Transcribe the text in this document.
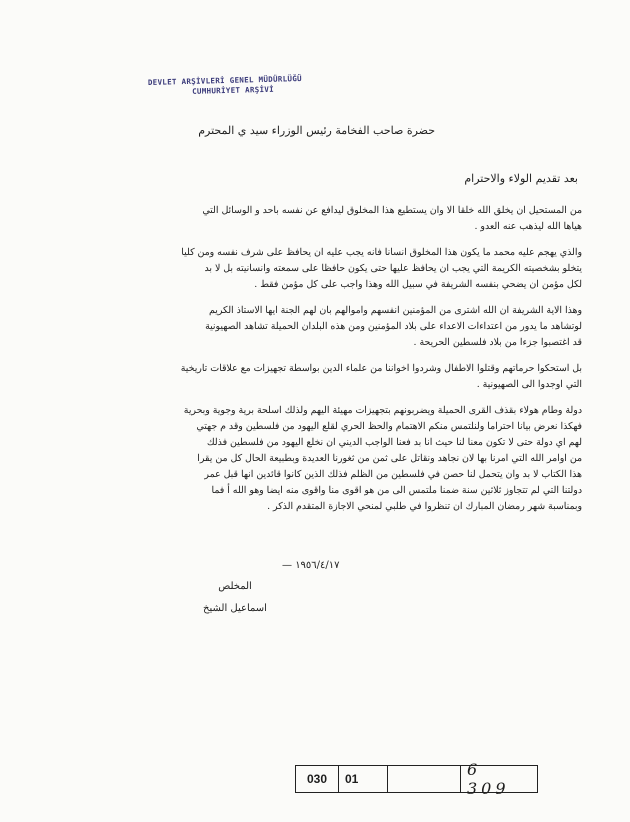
DEVLET ARŞİVLERİ GENEL MÜDÜRLÜĞÜ
CUMHURİYET ARŞİVİ
حضرة صاحب الفخامة رئيس الوزراء سيد ي المحترم
بعد تقديم الولاء والاحترام
من المستحيل ان يخلق الله خلقا الا وان يستطيع هذا المخلوق ليدافع عن نفسه باحد و الوسائل التي
هياها الله ليذهب عنه العدو .
والذي يهجم عليه محمد ما يكون هذا المخلوق انسانا فانه يجب عليه ان يحافظ على شرف نفسه ومن كليا
يتخلو بشخصيته الكريمة التي يجب ان يحافظ عليها حتى يكون حافظا على سمعته وانسانيته بل لا بد
لكل مؤمن ان يضحي بنفسه الشريفة في سبيل الله وهذا واجب على كل مؤمن فقط .
وهذا الاية الشريفة ان الله اشترى من المؤمنين انفسهم واموالهم بان لهم الجنة ايها الاستاذ الكريم
لوتشاهد ما يدور من اعتداءات الاعداء على بلاد المؤمنين ومن هذه البلدان الحميلة تشاهد الصهيونية
قد اغتصبوا جزءا من بلاد فلسطين الحريحة .
بل استحكوا حرماتهم وقتلوا الاطفال وشردوا اخواننا من علماء الدين بواسطة تجهيزات مع علاقات تاريخية
التي اوجدوا الى الصهيونية .
دولة وطام هولاء بقذف القرى الحميلة ويضربونهم بتجهيزات مهيئة اليهم ولذلك اسلحة برية وجوية وبحرية
فهكذا نعرض بيانا احتراما ولنلتمس منكم الاهتمام والحظ الحري لقلع اليهود من فلسطين وقد م جهتي
لهم اي دولة حتى لا تكون معنا لنا حيث انا بد فعنا الواجب الديني ان نخلع اليهود من فلسطين فذلك
من اوامر الله التي امرنا بها لان نجاهد ونقاتل على ثمن من ثغورنا العديدة وبطبيعة الحال كل من يقرا
هذا الكتاب لا بد وان يتحمل لنا حصن في فلسطين من الظلم فذلك الذين كانوا قائدين انها قبل عمر
دولتنا التي لم تتجاوز ثلاثين سنة ضمنا ملتمس الى من هو اقوى منا واقوى منه ايضا وهو الله أ فما
وبمناسبة شهر رمضان المبارك ان تنظروا في طلبي لمنحي الاجازة المتقدم الذكر .
— ١٩٥٦/٤/١٧
المخلص
اسماعيل الشيخ
030	01	6 309
